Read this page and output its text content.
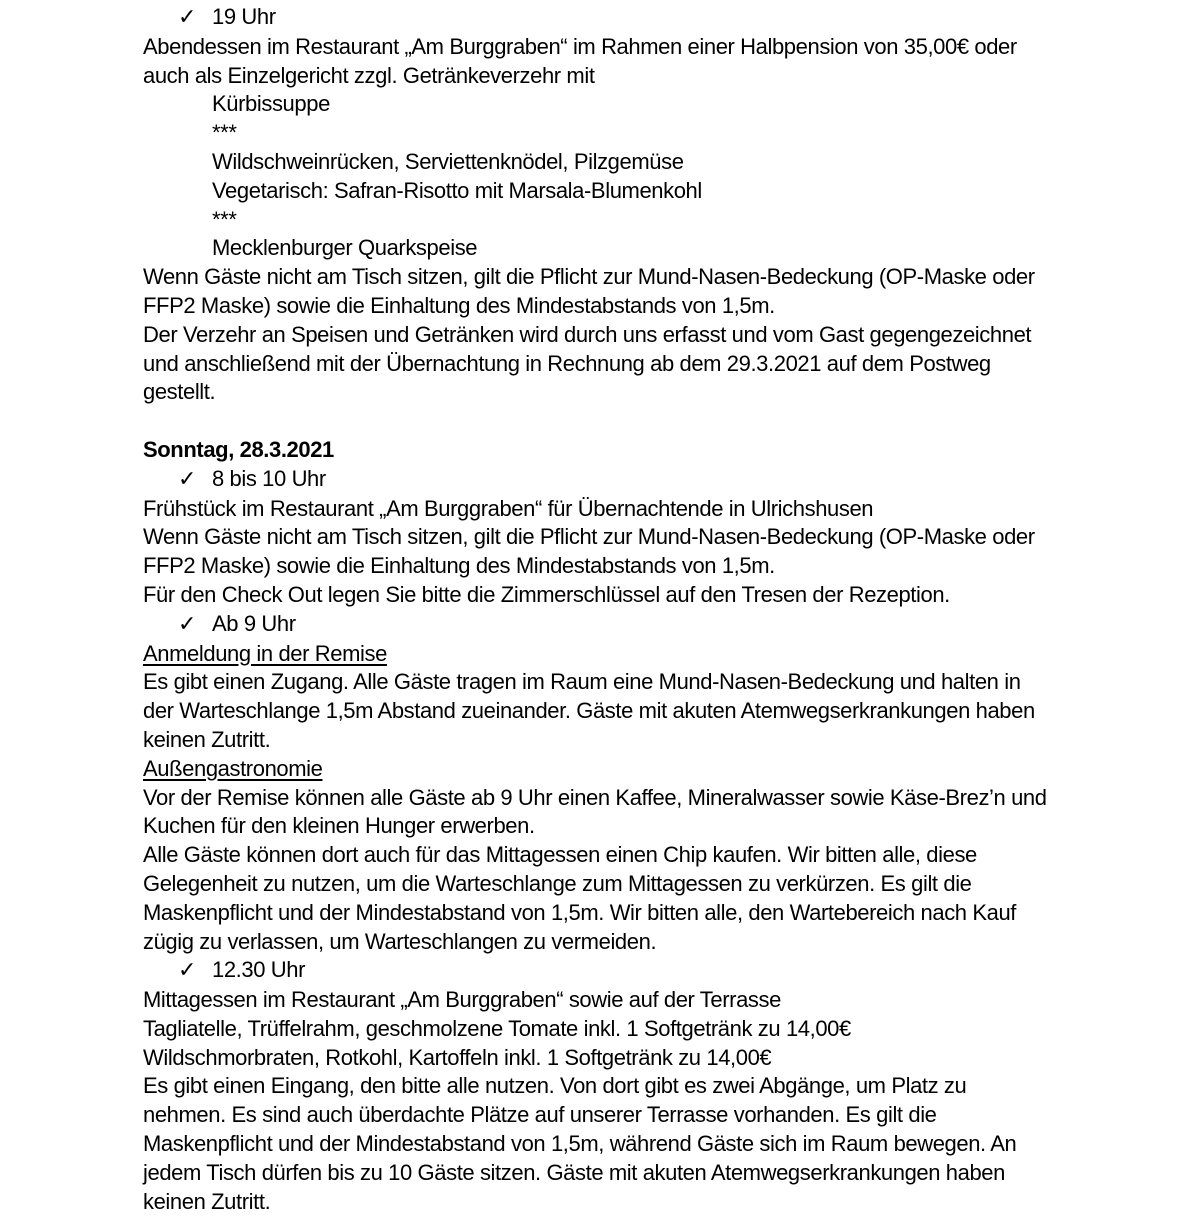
✓ 19 Uhr
Abendessen im Restaurant „Am Burggraben“ im Rahmen einer Halbpension von 35,00€ oder
auch als Einzelgericht zzgl. Getränkeverzehr mit
Kürbissuppe
***
Wildschweinrücken, Serviettenknödel, Pilzgemüse
Vegetarisch: Safran-Risotto mit Marsala-Blumenkohl
***
Mecklenburger Quarkspeise
Wenn Gäste nicht am Tisch sitzen, gilt die Pflicht zur Mund-Nasen-Bedeckung (OP-Maske oder
FFP2 Maske) sowie die Einhaltung des Mindestabstands von 1,5m.
Der Verzehr an Speisen und Getränken wird durch uns erfasst und vom Gast gegengezeichnet
und anschließend mit der Übernachtung in Rechnung ab dem 29.3.2021 auf dem Postweg
gestellt.
Sonntag, 28.3.2021
✓ 8 bis 10 Uhr
Frühstück im Restaurant „Am Burggraben“ für Übernachtende in Ulrichshusen
Wenn Gäste nicht am Tisch sitzen, gilt die Pflicht zur Mund-Nasen-Bedeckung (OP-Maske oder
FFP2 Maske) sowie die Einhaltung des Mindestabstands von 1,5m.
Für den Check Out legen Sie bitte die Zimmerschlüssel auf den Tresen der Rezeption.
✓ Ab 9 Uhr
Anmeldung in der Remise
Es gibt einen Zugang. Alle Gäste tragen im Raum eine Mund-Nasen-Bedeckung und halten in
der Warteschlange 1,5m Abstand zueinander. Gäste mit akuten Atemwegserkrankungen haben
keinen Zutritt.
Außengastronomie
Vor der Remise können alle Gäste ab 9 Uhr einen Kaffee, Mineralwasser sowie Käse-Brez’n und
Kuchen für den kleinen Hunger erwerben.
Alle Gäste können dort auch für das Mittagessen einen Chip kaufen. Wir bitten alle, diese
Gelegenheit zu nutzen, um die Warteschlange zum Mittagessen zu verkürzen. Es gilt die
Maskenpflicht und der Mindestabstand von 1,5m. Wir bitten alle, den Wartebereich nach Kauf
zügig zu verlassen, um Warteschlangen zu vermeiden.
✓ 12.30 Uhr
Mittagessen im Restaurant „Am Burggraben“ sowie auf der Terrasse
Tagliatelle, Trüffelrahm, geschmolzene Tomate inkl. 1 Softgetränk zu 14,00€
Wildschmorbraten, Rotkohl, Kartoffeln inkl. 1 Softgetränk zu 14,00€
Es gibt einen Eingang, den bitte alle nutzen. Von dort gibt es zwei Abgänge, um Platz zu
nehmen. Es sind auch überdachte Plätze auf unserer Terrasse vorhanden. Es gilt die
Maskenpflicht und der Mindestabstand von 1,5m, während Gäste sich im Raum bewegen. An
jedem Tisch dürfen bis zu 10 Gäste sitzen. Gäste mit akuten Atemwegserkrankungen haben
keinen Zutritt.
